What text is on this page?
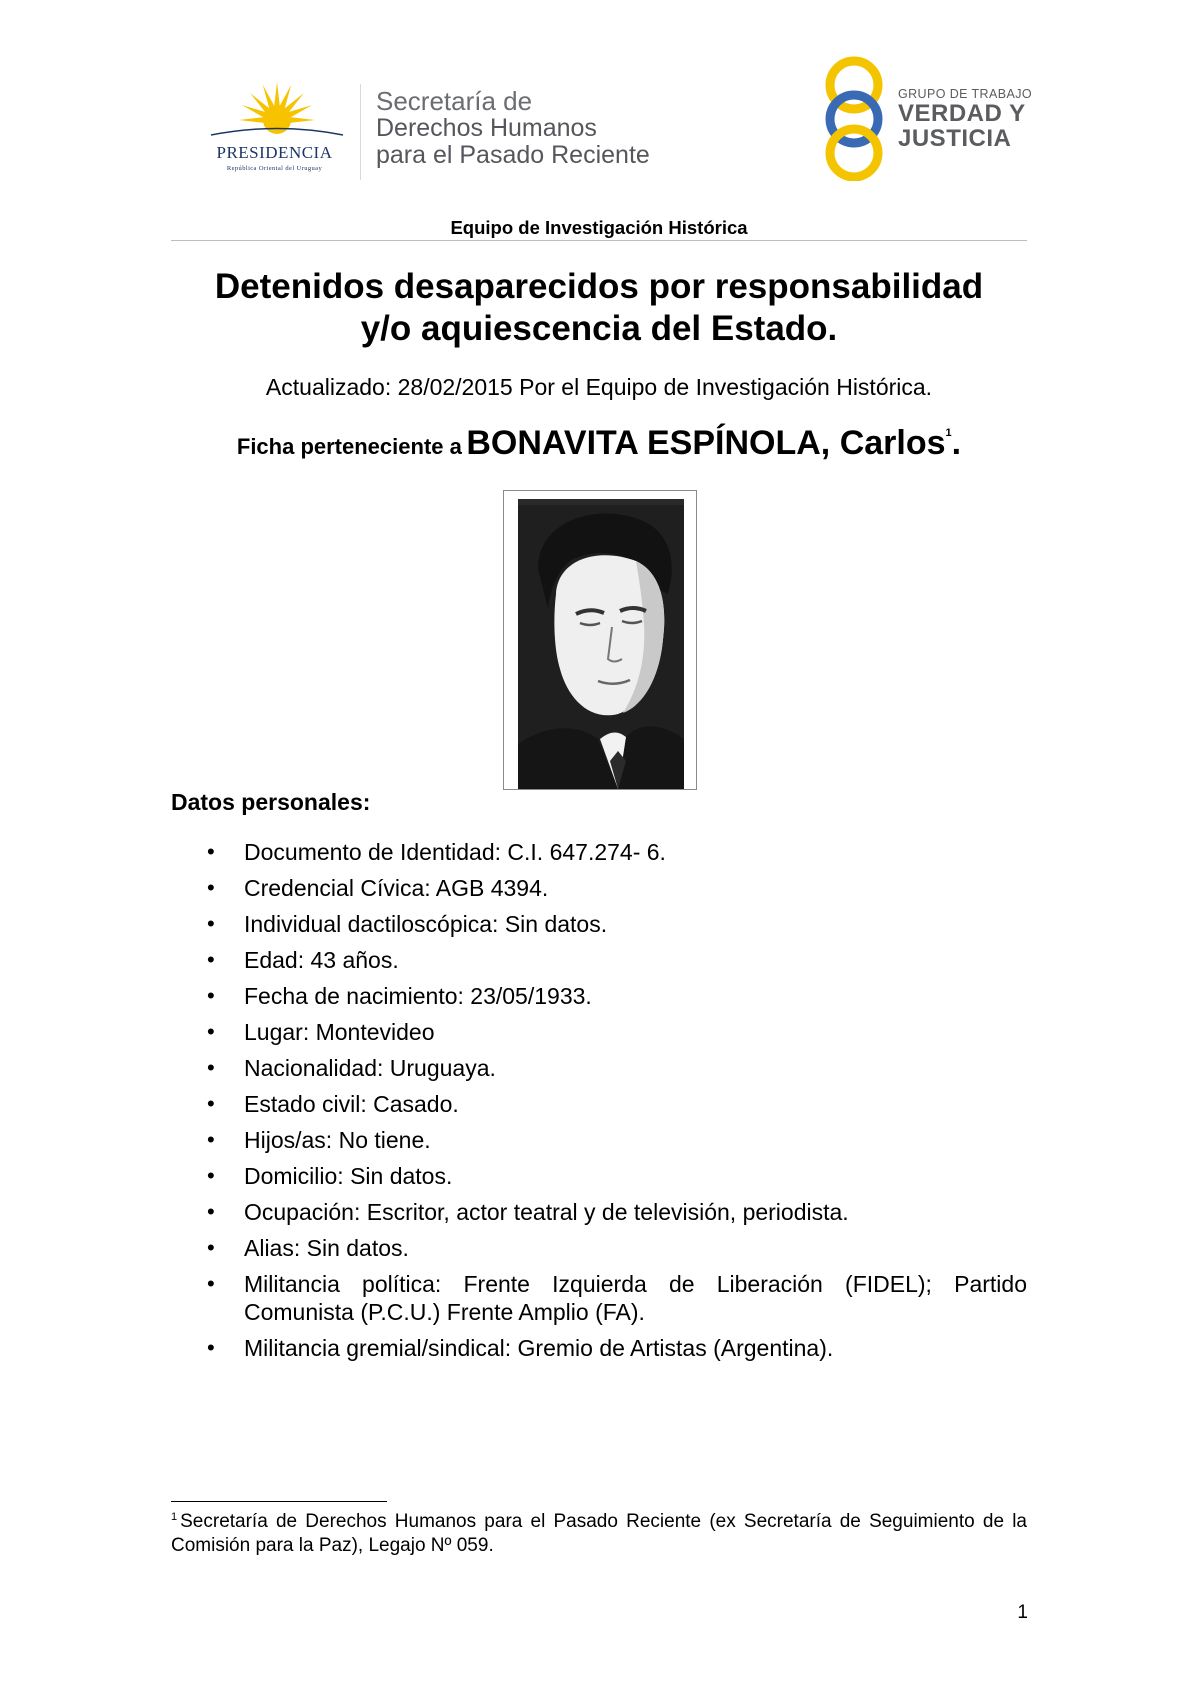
PRESIDENCIA
República Oriental del Uruguay
Secretaría de
Derechos Humanos
para el Pasado Reciente
GRUPO DE TRABAJO
VERDAD Y
JUSTICIA
Equipo de Investigación Histórica
Detenidos desaparecidos por responsabilidad
y/o aquiescencia del Estado.
Actualizado: 28/02/2015 Por el Equipo de Investigación Histórica.
Ficha perteneciente a BONAVITA ESPÍNOLA, Carlos$^1$.
Datos personales:
• Documento de Identidad: C.I. 647.274- 6.
• Credencial Cívica: AGB 4394.
• Individual dactiloscópica: Sin datos.
• Edad: 43 años.
• Fecha de nacimiento: 23/05/1933.
• Lugar: Montevideo
• Nacionalidad: Uruguaya.
• Estado civil: Casado.
• Hijos/as: No tiene.
• Domicilio: Sin datos.
• Ocupación: Escritor, actor teatral y de televisión, periodista.
• Alias: Sin datos.
• Militancia política: Frente Izquierda de Liberación (FIDEL); Partido Comunista (P.C.U.) Frente Amplio (FA).
• Militancia gremial/sindical: Gremio de Artistas (Argentina).
$^1$ Secretaría de Derechos Humanos para el Pasado Reciente (ex Secretaría de Seguimiento de la Comisión para la Paz), Legajo Nº 059.
1
